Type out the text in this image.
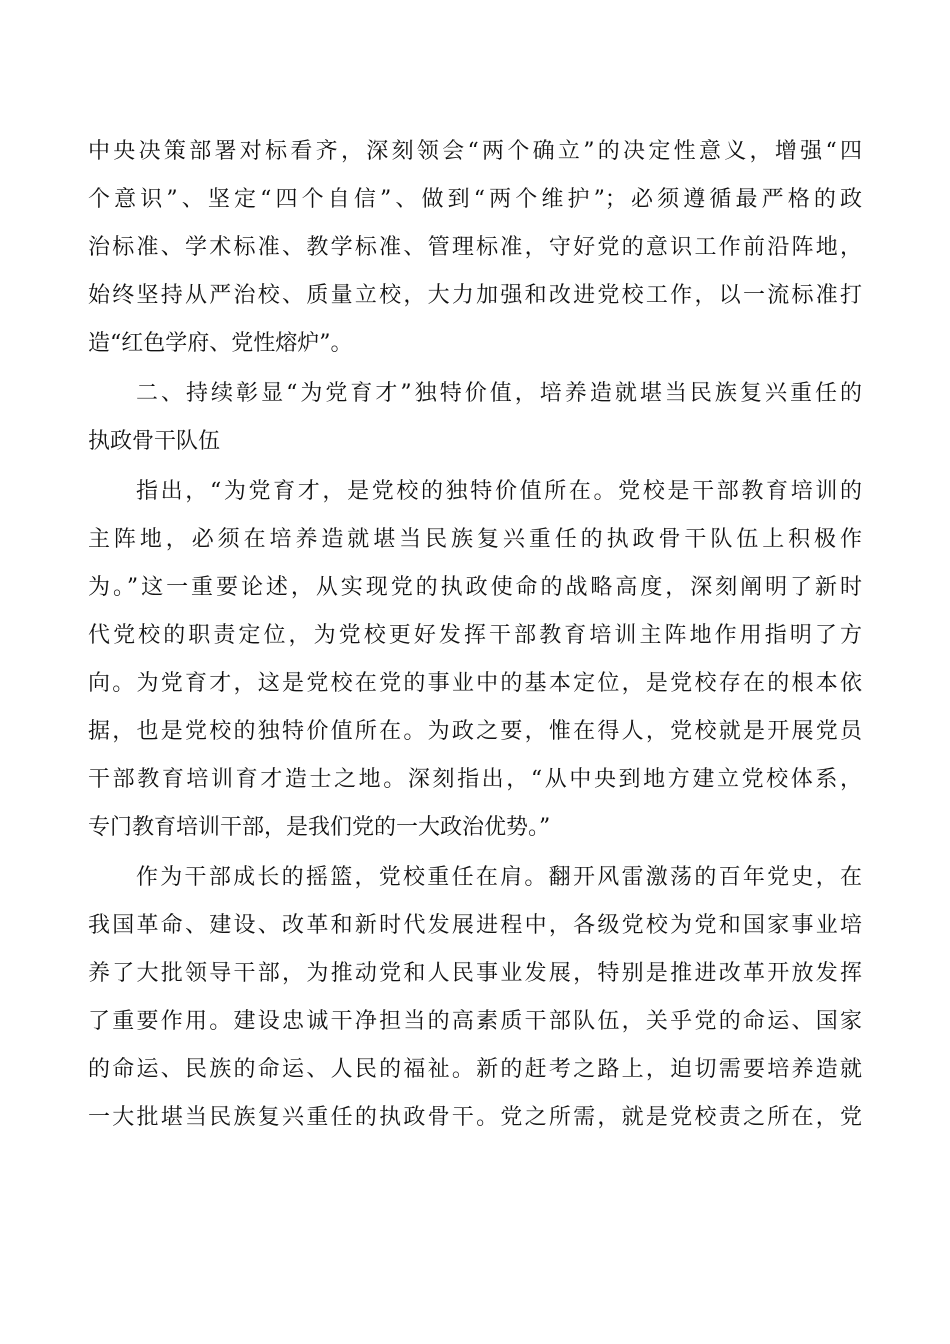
中央决策部署对标看齐，深刻领会“两个确立”的决定性意义，增强“四
个意识”、坚定“四个自信”、做到“两个维护”；必须遵循最严格的政
治标准、学术标准、教学标准、管理标准，守好党的意识工作前沿阵地，
始终坚持从严治校、质量立校，大力加强和改进党校工作，以一流标准打
造“红色学府、党性熔炉”。
二、持续彰显“为党育才”独特价值，培养造就堪当民族复兴重任的
执政骨干队伍
指出，“为党育才，是党校的独特价值所在。党校是干部教育培训的
主阵地，必须在培养造就堪当民族复兴重任的执政骨干队伍上积极作
为。”这一重要论述，从实现党的执政使命的战略高度，深刻阐明了新时
代党校的职责定位，为党校更好发挥干部教育培训主阵地作用指明了方
向。为党育才，这是党校在党的事业中的基本定位，是党校存在的根本依
据，也是党校的独特价值所在。为政之要，惟在得人，党校就是开展党员
干部教育培训育才造士之地。深刻指出，“从中央到地方建立党校体系，
专门教育培训干部，是我们党的一大政治优势。”
作为干部成长的摇篮，党校重任在肩。翻开风雷激荡的百年党史，在
我国革命、建设、改革和新时代发展进程中，各级党校为党和国家事业培
养了大批领导干部，为推动党和人民事业发展，特别是推进改革开放发挥
了重要作用。建设忠诚干净担当的高素质干部队伍，关乎党的命运、国家
的命运、民族的命运、人民的福祉。新的赶考之路上，迫切需要培养造就
一大批堪当民族复兴重任的执政骨干。党之所需，就是党校责之所在，党
